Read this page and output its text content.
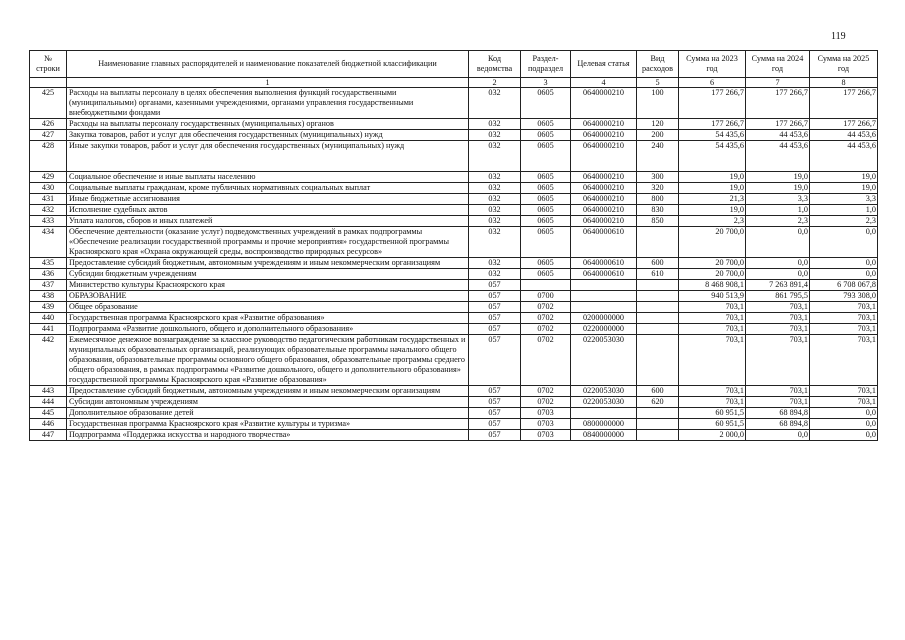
119
№ строки	Наименование главных распорядителей и наименование показателей бюджетной классификации	Код ведомства	Раздел-подраздел	Целевая статья	Вид расходов	Сумма на 2023 год	Сумма на 2024 год	Сумма на 2025 год
	1	2	3	4	5	6	7	8
425	Расходы на выплаты персоналу в целях обеспечения выполнения функций государственными (муниципальными) органами, казенными учреждениями, органами управления государственными внебюджетными фондами	032	0605	0640000210	100	177 266,7	177 266,7	177 266,7
426	Расходы на выплаты персоналу государственных (муниципальных) органов	032	0605	0640000210	120	177 266,7	177 266,7	177 266,7
427	Закупка товаров, работ и услуг для обеспечения государственных (муниципальных) нужд	032	0605	0640000210	200	54 435,6	44 453,6	44 453,6
428	Иные закупки товаров, работ и услуг для обеспечения государственных (муниципальных) нужд	032	0605	0640000210	240	54 435,6	44 453,6	44 453,6
429	Социальное обеспечение и иные выплаты населению	032	0605	0640000210	300	19,0	19,0	19,0
430	Социальные выплаты гражданам, кроме публичных нормативных социальных выплат	032	0605	0640000210	320	19,0	19,0	19,0
431	Иные бюджетные ассигнования	032	0605	0640000210	800	21,3	3,3	3,3
432	Исполнение судебных актов	032	0605	0640000210	830	19,0	1,0	1,0
433	Уплата налогов, сборов и иных платежей	032	0605	0640000210	850	2,3	2,3	2,3
434	Обеспечение деятельности (оказание услуг) подведомственных учреждений в рамках подпрограммы «Обеспечение реализации государственной программы и прочие мероприятия» государственной программы Красноярского края «Охрана окружающей среды, воспроизводство природных ресурсов»	032	0605	0640000610		20 700,0	0,0	0,0
435	Предоставление субсидий бюджетным, автономным учреждениям и иным некоммерческим организациям	032	0605	0640000610	600	20 700,0	0,0	0,0
436	Субсидии бюджетным учреждениям	032	0605	0640000610	610	20 700,0	0,0	0,0
437	Министерство культуры Красноярского края	057				8 468 908,1	7 263 891,4	6 708 067,8
438	ОБРАЗОВАНИЕ	057	0700			940 513,9	861 795,5	793 308,0
439	Общее образование	057	0702			703,1	703,1	703,1
440	Государственная программа Красноярского края «Развитие образования»	057	0702	0200000000		703,1	703,1	703,1
441	Подпрограмма «Развитие дошкольного, общего и дополнительного образования»	057	0702	0220000000		703,1	703,1	703,1
442	Ежемесячное денежное вознаграждение за классное руководство педагогическим работникам государственных и муниципальных образовательных организаций, реализующих образовательные программы начального общего образования, образовательные программы основного общего образования, образовательные программы среднего общего образования, в рамках подпрограммы «Развитие дошкольного, общего и дополнительного образования» государственной программы Красноярского края «Развитие образования»	057	0702	0220053030		703,1	703,1	703,1
443	Предоставление субсидий бюджетным, автономным учреждениям и иным некоммерческим организациям	057	0702	0220053030	600	703,1	703,1	703,1
444	Субсидии автономным учреждениям	057	0702	0220053030	620	703,1	703,1	703,1
445	Дополнительное образование детей	057	0703			60 951,5	68 894,8	0,0
446	Государственная программа Красноярского края «Развитие культуры и туризма»	057	0703	0800000000		60 951,5	68 894,8	0,0
447	Подпрограмма «Поддержка искусства и народного творчества»	057	0703	0840000000		2 000,0	0,0	0,0
